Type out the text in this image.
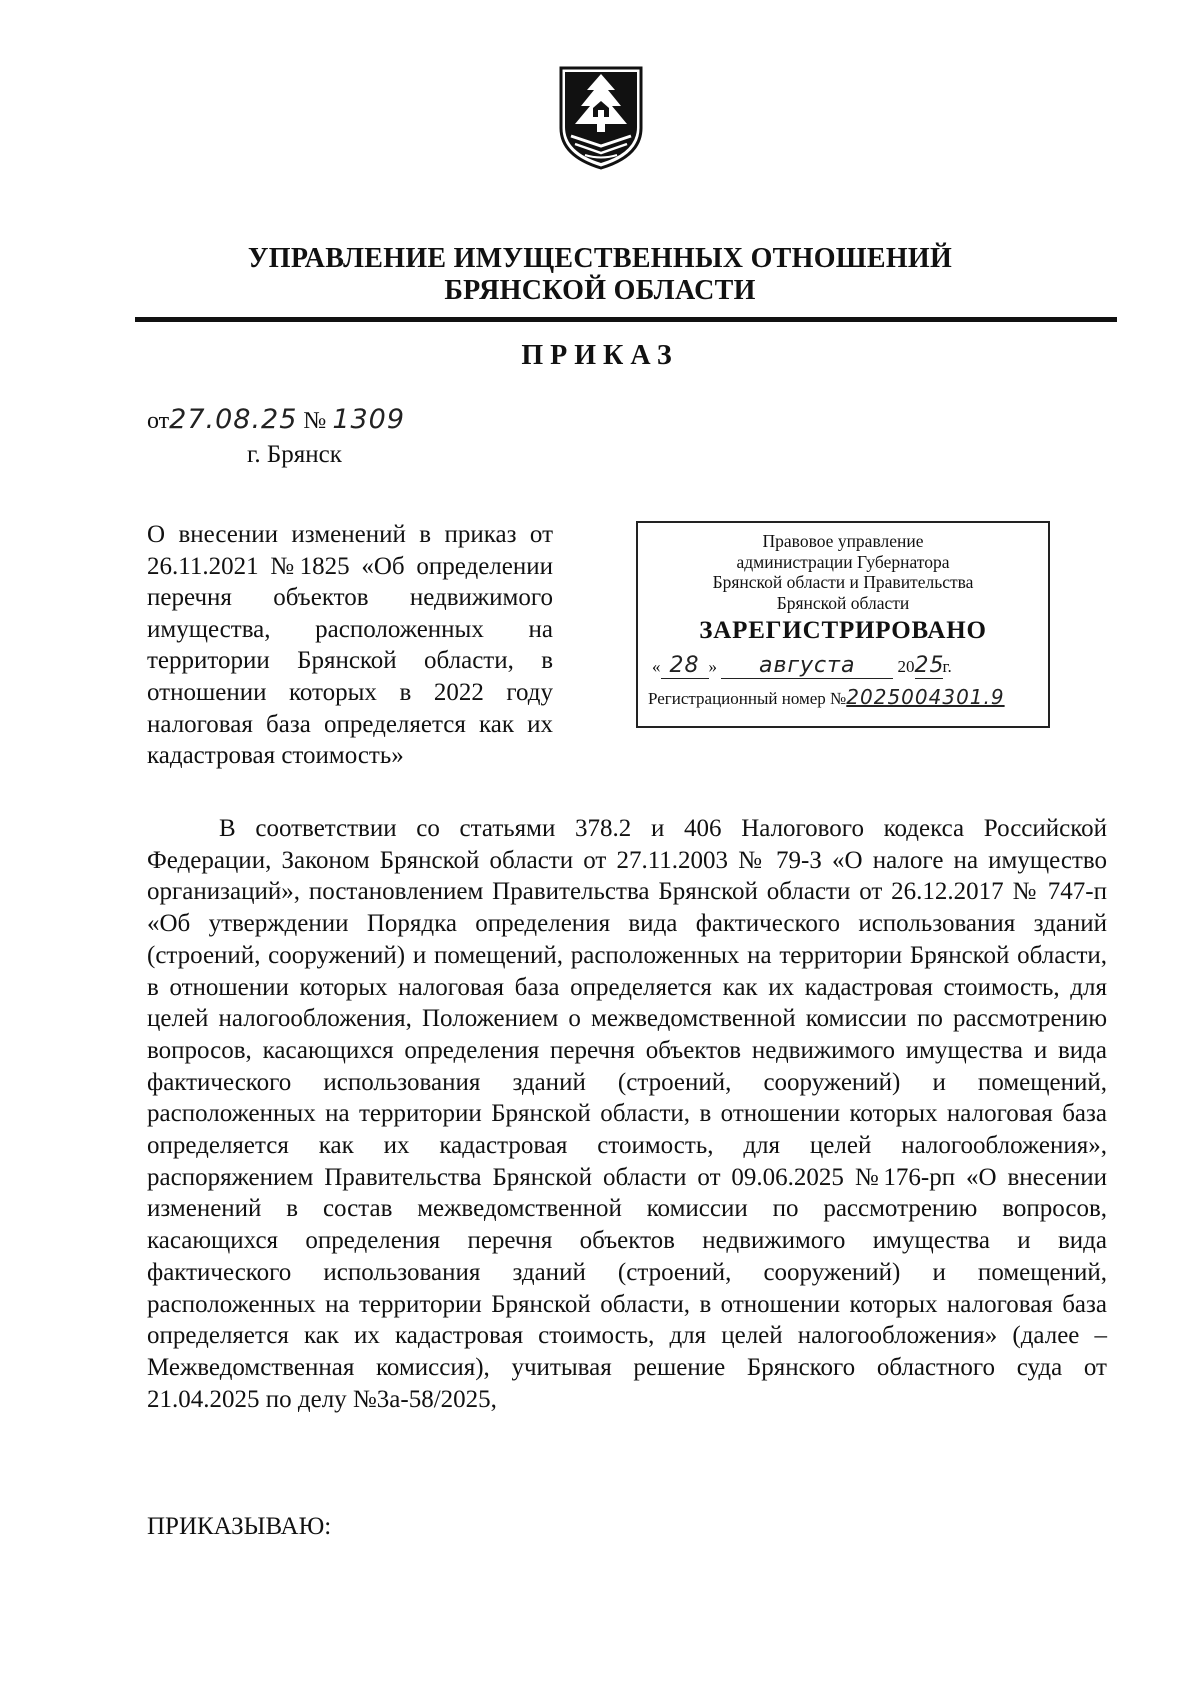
УПРАВЛЕНИЕ ИМУЩЕСТВЕННЫХ ОТНОШЕНИЙ
БРЯНСКОЙ ОБЛАСТИ
ПРИКАЗ
от27.08.25 № 1309
г. Брянск
О внесении изменений в приказ от 26.11.2021 №1825 «Об определении перечня объектов недвижимого имущества, расположенных на территории Брянской области, в отношении которых в 2022 году налоговая база определяется как их кадастровая стоимость»
Правовое управление
администрации Губернатора
Брянской области и Правительства
Брянской области
ЗАРЕГИСТРИРОВАНО
« 28 » августа 2025г.
Регистрационный номер №2025004301.9

В соответствии со статьями 378.2 и 406 Налогового кодекса Российской Федерации, Законом Брянской области от 27.11.2003 № 79-З «О налоге на имущество организаций», постановлением Правительства Брянской области от 26.12.2017 № 747-п «Об утверждении Порядка определения вида фактического использования зданий (строений, сооружений) и помещений, расположенных на территории Брянской области, в отношении которых налоговая база определяется как их кадастровая стоимость, для целей налогообложения, Положением о межведомственной комиссии по рассмотрению вопросов, касающихся определения перечня объектов недвижимого имущества и вида фактического использования зданий (строений, сооружений) и помещений, расположенных на территории Брянской области, в отношении которых налоговая база определяется как их кадастровая стоимость, для целей налогообложения», распоряжением Правительства Брянской области от 09.06.2025 №176-рп «О внесении изменений в состав межведомственной комиссии по рассмотрению вопросов, касающихся определения перечня объектов недвижимого имущества и вида фактического использования зданий (строений, сооружений) и помещений, расположенных на территории Брянской области, в отношении которых налоговая база определяется как их кадастровая стоимость, для целей налогообложения» (далее – Межведомственная комиссия), учитывая решение Брянского областного суда от 21.04.2025 по делу №3а-58/2025,

ПРИКАЗЫВАЮ:
